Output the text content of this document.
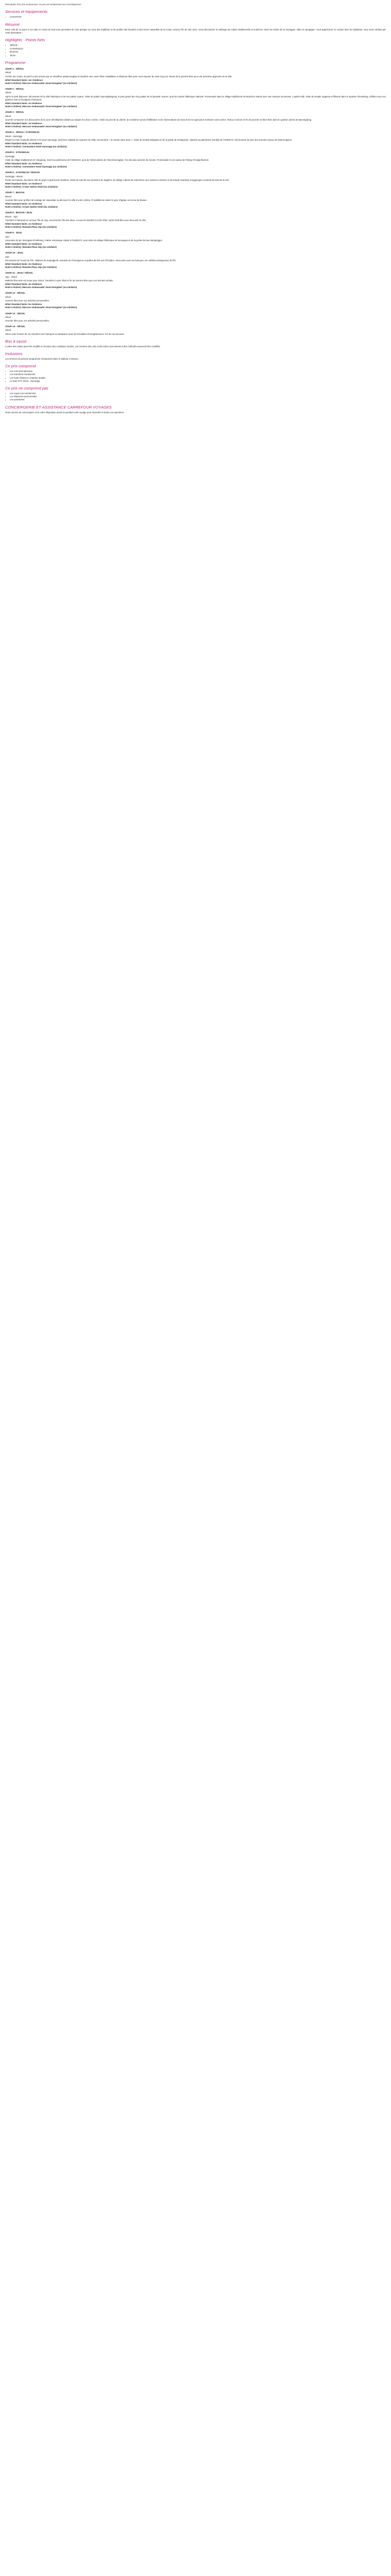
Description d'un prix comprenant: Ce prix est comprenant aux Conséquences

Services et équipements
• Couverture
Résumé

Entre vols de 14 jours et 13 nuits en Costa de Sud vous permettra de vous plonger au cœur des traditions et de profiter des beautés et des terres naturelles de la Costa, comme l'île de San Jose. Vous découvrirez le mélange de culture traditionnelle et moderne, entre les visites de la montagne, villes et campagne. Vous apprécierez le contact avec les habitants, vous serez séduits par cette destination !

Highlights - Points forts
• SÉOUL
• GYEONGJU
• BUSAN
• JEJU
Programme

JOUR 1 : SÉOUL

Séoul

Arrivée sur Corée, accueil à votre arrivée par un chauffeur parlant anglais et transfert vers votre hôtel. Installation et déjeuner libre pour vous reposer de votre long vol. Reste de la journée libre pour une première approche de la ville.

Hôtel Standard Nuits: 1er résidence

Hotel 4 étoiles): Mercure Ambassador Seoul Hongdae* (ou similaire)

JOUR 2 : SÉOUL

Séoul

Après le petit déjeuner, découverte de la ville historique et de ses palais royaux. Visite du palais Gyeongbokgung, le plus grand des cinq palais de la dynastie Joseon, puis du musée folklorique national. Promenade dans le village traditionnel de Bukchon Hanok avec ses maisons anciennes. L'après-midi, visite du temple Jogyesa et flânerie dans le quartier d'Insadong, célèbre pour ses galeries d'art et boutiques d'artisanat.

Hôtel Standard Nuits: 2e résidence

Hotel 4 étoiles): Mercure Ambassador Seoul Hongdae* (ou similaire)

JOUR 3 : SÉOUL

Séoul

Journée consacrée à la découverte de la zone démilitarisée (DMZ) qui sépare les deux Corées. Visite du pont de la Liberté, du troisième tunnel d'infiltration et de l'observatoire de Dora d'où l'on aperçoit le territoire nord-coréen. Retour à Séoul en fin de journée et dîner libre dans le quartier animé de Myeongdong.

Hôtel Standard Nuits: 3e résidence

Hotel 4 étoiles): Mercure Ambassador Seoul Hongdae* (ou similaire)

JOUR 4 : SÉOUL / GYEONGJU

Séoul - Gyeongju

Départ en train à grande vitesse KTX pour Gyeongju, ancienne capitale du royaume de Silla, surnommée « le musée sans murs ». Visite du temple Bulguksa et de la grotte de Seokguram, classés au patrimoine mondial de l'UNESCO. Découverte du parc des tumulus royaux de Daereungwon.

Hôtel Standard Nuits: 1e résidence

Hotel 4 étoiles): Commodore Hotel Gyeongju (ou similaire)

JOUR 5 : GYEONGJU

Gyeongju

Visite du village traditionnel de Yangdong, inscrit au patrimoine de l'UNESCO, puis de l'observatoire de Cheomseongdae, l'un des plus anciens du monde. Promenade le soir autour de l'étang d'Anapji illuminé.

Hôtel Standard Nuits: 2e résidence

Hotel 4 étoiles): Commodore Hotel Gyeongju (ou similaire)

JOUR 6 : GYEONGJU / BUSAN

Gyeongju - Busan

Route vers Busan, deuxième ville du pays et grand port maritime. Visite du marché aux poissons de Jagalchi, du village culturel de Gamcheon aux maisons colorées et du temple Haedong Yonggungsa construit au bord de la mer.

Hôtel Standard Nuits: 1e résidence

Hotel 4 étoiles): Crown Harbor Hotel (ou similaire)

JOUR 7 : BUSAN

Busan

Journée libre pour profiter de la plage de Haeundae ou découvrir la ville à votre rythme. Possibilité de visiter le parc d'Igidae ou la tour de Busan.

Hôtel Standard Nuits: 2e résidence

Hotel 4 étoiles): Crown Harbor Hotel (ou similaire)

JOUR 8 : BUSAN / JEJU

Busan - Jeju

Transfert à l'aéroport et vol pour l'île de Jeju, surnommée l'île des dieux. Accueil et transfert à votre hôtel. Après-midi libre pour découvrir la côte.

Hôtel Standard Nuits: 1e résidence

Hotel 4 étoiles): Ramada Plaza Jeju (ou similaire)

JOUR 9 : JEJU

Jeju

Ascension du pic Seongsan Ilchulbong, cratère volcanique classé à l'UNESCO, puis visite du village folklorique de Seongeup et de la grotte de lave Manjanggul.

Hôtel Standard Nuits: 2e résidence

Hotel 4 étoiles): Ramada Plaza Jeju (ou similaire)

JOUR 10 : JEJU

Jeju

Découverte de l'ouest de l'île : falaises de Jusangjeolli, cascade de Cheonjiyeon et jardins de thé vert d'O'sulloc. Rencontre avec les haenyeo, les célèbres plongeuses de l'île.

Hôtel Standard Nuits: 3e résidence

Hotel 4 étoiles): Ramada Plaza Jeju (ou similaire)

JOUR 11 : JEJU / SÉOUL

Jeju - Séoul

Matinée libre puis vol retour pour Séoul. Transfert à votre hôtel et fin de journée libre pour vos derniers achats.

Hôtel Standard Nuits: 4e résidence

Hotel 4 étoiles): Mercure Ambassador Seoul Hongdae* (ou similaire)

JOUR 12 : SÉOUL

Séoul

Journée libre pour vos activités personnelles.

Hôtel Standard Nuits: 5e résidence

Hotel 4 étoiles): Mercure Ambassador Seoul Hongdae* (ou similaire)

JOUR 13 : SÉOUL

Séoul

Journée libre pour vos activités personnelles.

JOUR 14 : SÉOUL

Séoul

Selon votre horaire de vol, transfert vers l'aéroport et assistance pour les formalités d'enregistrement. Fin de nos services.

Bon à savoir

L'ordre des visites peut être modifié en fonction des conditions locales. Les horaires des vols et des trains sont donnés à titre indicatif et peuvent être modifiés.

Inclusions

Les services du présent programme mentionnés dans le tableau ci-dessus.

Ce prix comprend
• Les vols internationaux
• Les transferts mentionnés
• Les nuits d'hôtel en chambre double
• Le train KTX Séoul - Gyeongju
Ce prix ne comprend pas
• Les repas non mentionnés
• Les dépenses personnelles
• Les pourboires
CONCIERGERIE ET ASSISTANCE CARREFOUR VOYAGES

Notre service de conciergerie est à votre disposition avant et pendant votre voyage pour répondre à toutes vos questions.
